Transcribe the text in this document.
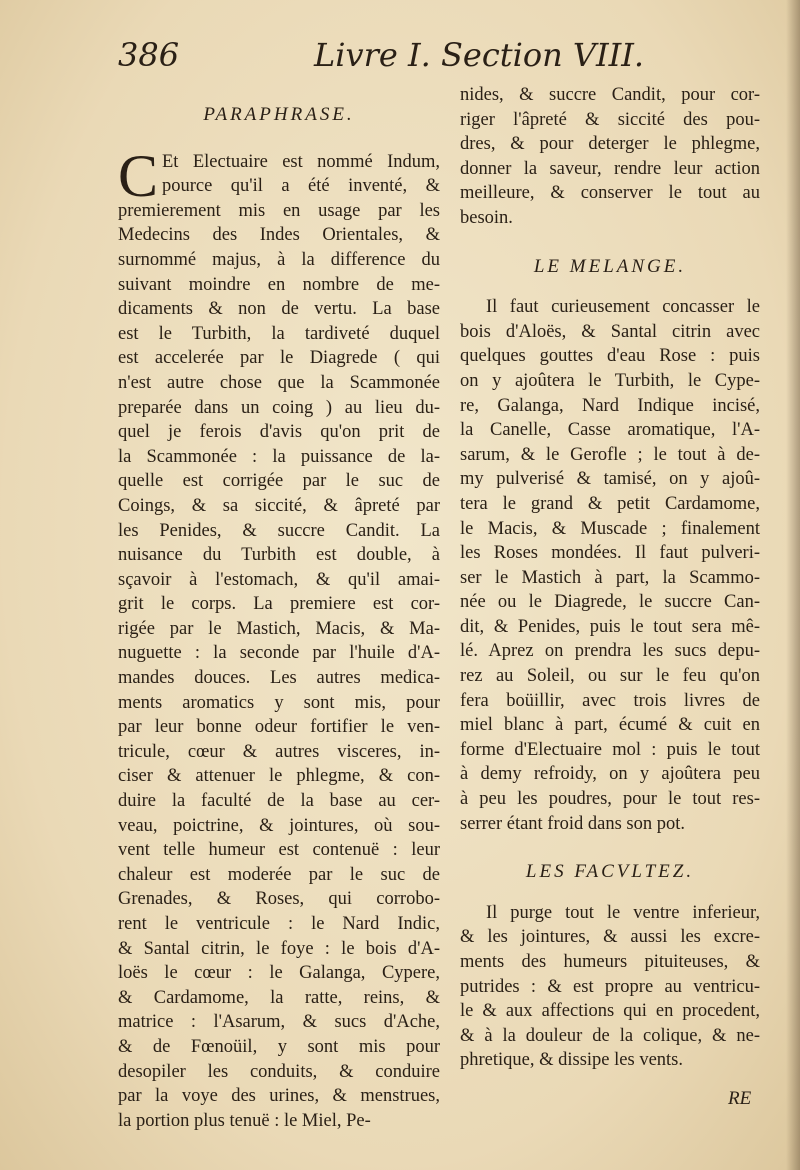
386	Livre I. Section VIII.
PARAPHRASE.
C Et Electuaire est nommé Indum,
pource qu'il a été inventé, &
premierement mis en usage par les
Medecins des Indes Orientales, &
surnommé majus, à la difference du
suivant moindre en nombre de me-
dicaments & non de vertu. La base
est le Turbith, la tardiveté duquel
est accelerée par le Diagrede ( qui
n'est autre chose que la Scammonée
preparée dans un coing ) au lieu du-
quel je ferois d'avis qu'on prit de
la Scammonée : la puissance de la-
quelle est corrigée par le suc de
Coings, & sa siccité, & âpreté par
les Penides, & succre Candit. La
nuisance du Turbith est double, à
sçavoir à l'estomach, & qu'il amai-
grit le corps. La premiere est cor-
rigée par le Mastich, Macis, & Ma-
nuguette : la seconde par l'huile d'A-
mandes douces. Les autres medica-
ments aromatics y sont mis, pour
par leur bonne odeur fortifier le ven-
tricule, cœur & autres visceres, in-
ciser & attenuer le phlegme, & con-
duire la faculté de la base au cer-
veau, poictrine, & jointures, où sou-
vent telle humeur est contenuë : leur
chaleur est moderée par le suc de
Grenades, & Roses, qui corrobo-
rent le ventricule : le Nard Indic,
& Santal citrin, le foye : le bois d'A-
loës le cœur : le Galanga, Cypere,
& Cardamome, la ratte, reins, &
matrice : l'Asarum, & sucs d'Ache,
& de Fœnoüil, y sont mis pour
desopiler les conduits, & conduire
par la voye des urines, & menstrues,
la portion plus tenuë : le Miel, Pe-
nides, & succre Candit, pour cor-
riger l'âpreté & siccité des pou-
dres, & pour deterger le phlegme,
donner la saveur, rendre leur action
meilleure, & conserver le tout au
besoin.
LE MELANGE.
Il faut curieusement concasser le
bois d'Aloës, & Santal citrin avec
quelques gouttes d'eau Rose : puis
on y ajoûtera le Turbith, le Cype-
re, Galanga, Nard Indique incisé,
la Canelle, Casse aromatique, l'A-
sarum, & le Gerofle ; le tout à de-
my pulverisé & tamisé, on y ajoû-
tera le grand & petit Cardamome,
le Macis, & Muscade ; finalement
les Roses mondées. Il faut pulveri-
ser le Mastich à part, la Scammo-
née ou le Diagrede, le succre Can-
dit, & Penides, puis le tout sera mê-
lé. Aprez on prendra les sucs depu-
rez au Soleil, ou sur le feu qu'on
fera boüillir, avec trois livres de
miel blanc à part, écumé & cuit en
forme d'Electuaire mol : puis le tout
à demy refroidy, on y ajoûtera peu
à peu les poudres, pour le tout res-
serrer étant froid dans son pot.
LES FACVLTEZ.
Il purge tout le ventre inferieur,
& les jointures, & aussi les excre-
ments des humeurs pituiteuses, &
putrides : & est propre au ventricu-
le & aux affections qui en procedent,
& à la douleur de la colique, & ne-
phretique, & dissipe les vents.
RE
